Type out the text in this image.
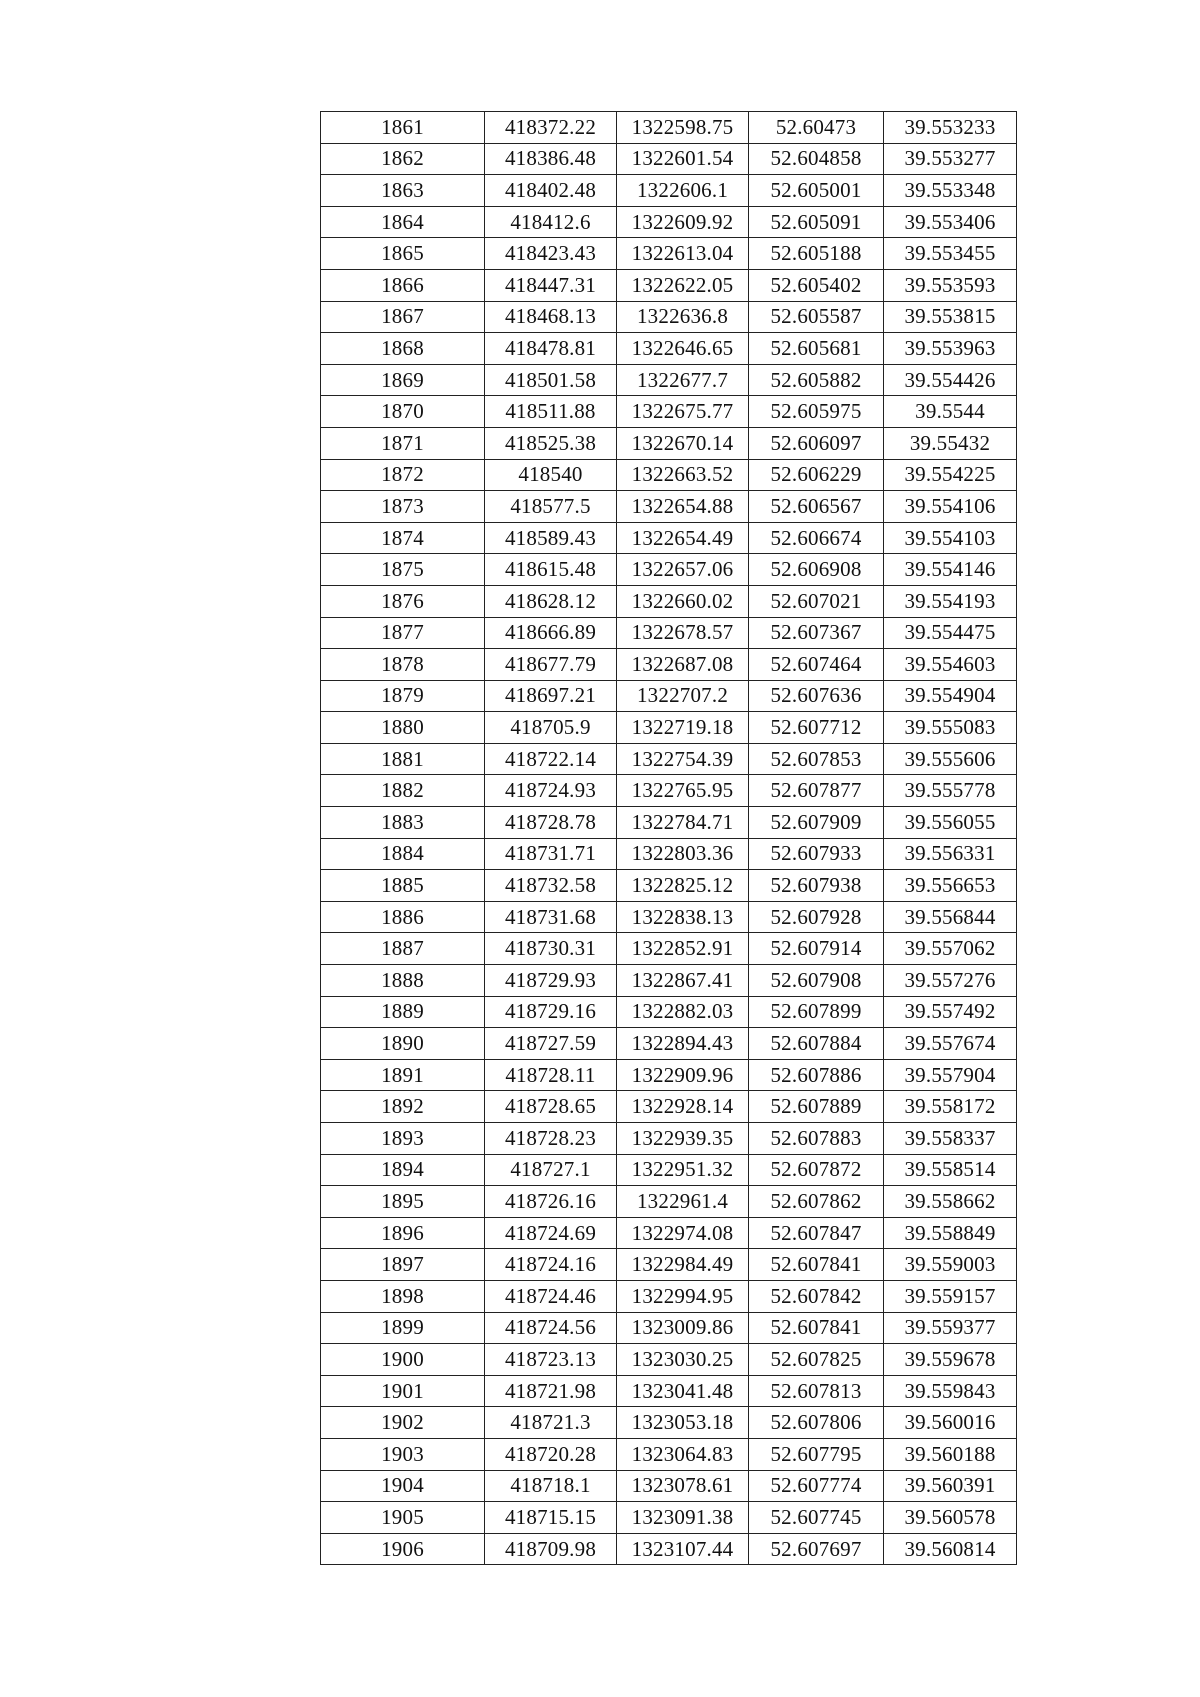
1861	418372.22	1322598.75	52.60473	39.553233
1862	418386.48	1322601.54	52.604858	39.553277
1863	418402.48	1322606.1	52.605001	39.553348
1864	418412.6	1322609.92	52.605091	39.553406
1865	418423.43	1322613.04	52.605188	39.553455
1866	418447.31	1322622.05	52.605402	39.553593
1867	418468.13	1322636.8	52.605587	39.553815
1868	418478.81	1322646.65	52.605681	39.553963
1869	418501.58	1322677.7	52.605882	39.554426
1870	418511.88	1322675.77	52.605975	39.5544
1871	418525.38	1322670.14	52.606097	39.55432
1872	418540	1322663.52	52.606229	39.554225
1873	418577.5	1322654.88	52.606567	39.554106
1874	418589.43	1322654.49	52.606674	39.554103
1875	418615.48	1322657.06	52.606908	39.554146
1876	418628.12	1322660.02	52.607021	39.554193
1877	418666.89	1322678.57	52.607367	39.554475
1878	418677.79	1322687.08	52.607464	39.554603
1879	418697.21	1322707.2	52.607636	39.554904
1880	418705.9	1322719.18	52.607712	39.555083
1881	418722.14	1322754.39	52.607853	39.555606
1882	418724.93	1322765.95	52.607877	39.555778
1883	418728.78	1322784.71	52.607909	39.556055
1884	418731.71	1322803.36	52.607933	39.556331
1885	418732.58	1322825.12	52.607938	39.556653
1886	418731.68	1322838.13	52.607928	39.556844
1887	418730.31	1322852.91	52.607914	39.557062
1888	418729.93	1322867.41	52.607908	39.557276
1889	418729.16	1322882.03	52.607899	39.557492
1890	418727.59	1322894.43	52.607884	39.557674
1891	418728.11	1322909.96	52.607886	39.557904
1892	418728.65	1322928.14	52.607889	39.558172
1893	418728.23	1322939.35	52.607883	39.558337
1894	418727.1	1322951.32	52.607872	39.558514
1895	418726.16	1322961.4	52.607862	39.558662
1896	418724.69	1322974.08	52.607847	39.558849
1897	418724.16	1322984.49	52.607841	39.559003
1898	418724.46	1322994.95	52.607842	39.559157
1899	418724.56	1323009.86	52.607841	39.559377
1900	418723.13	1323030.25	52.607825	39.559678
1901	418721.98	1323041.48	52.607813	39.559843
1902	418721.3	1323053.18	52.607806	39.560016
1903	418720.28	1323064.83	52.607795	39.560188
1904	418718.1	1323078.61	52.607774	39.560391
1905	418715.15	1323091.38	52.607745	39.560578
1906	418709.98	1323107.44	52.607697	39.560814
